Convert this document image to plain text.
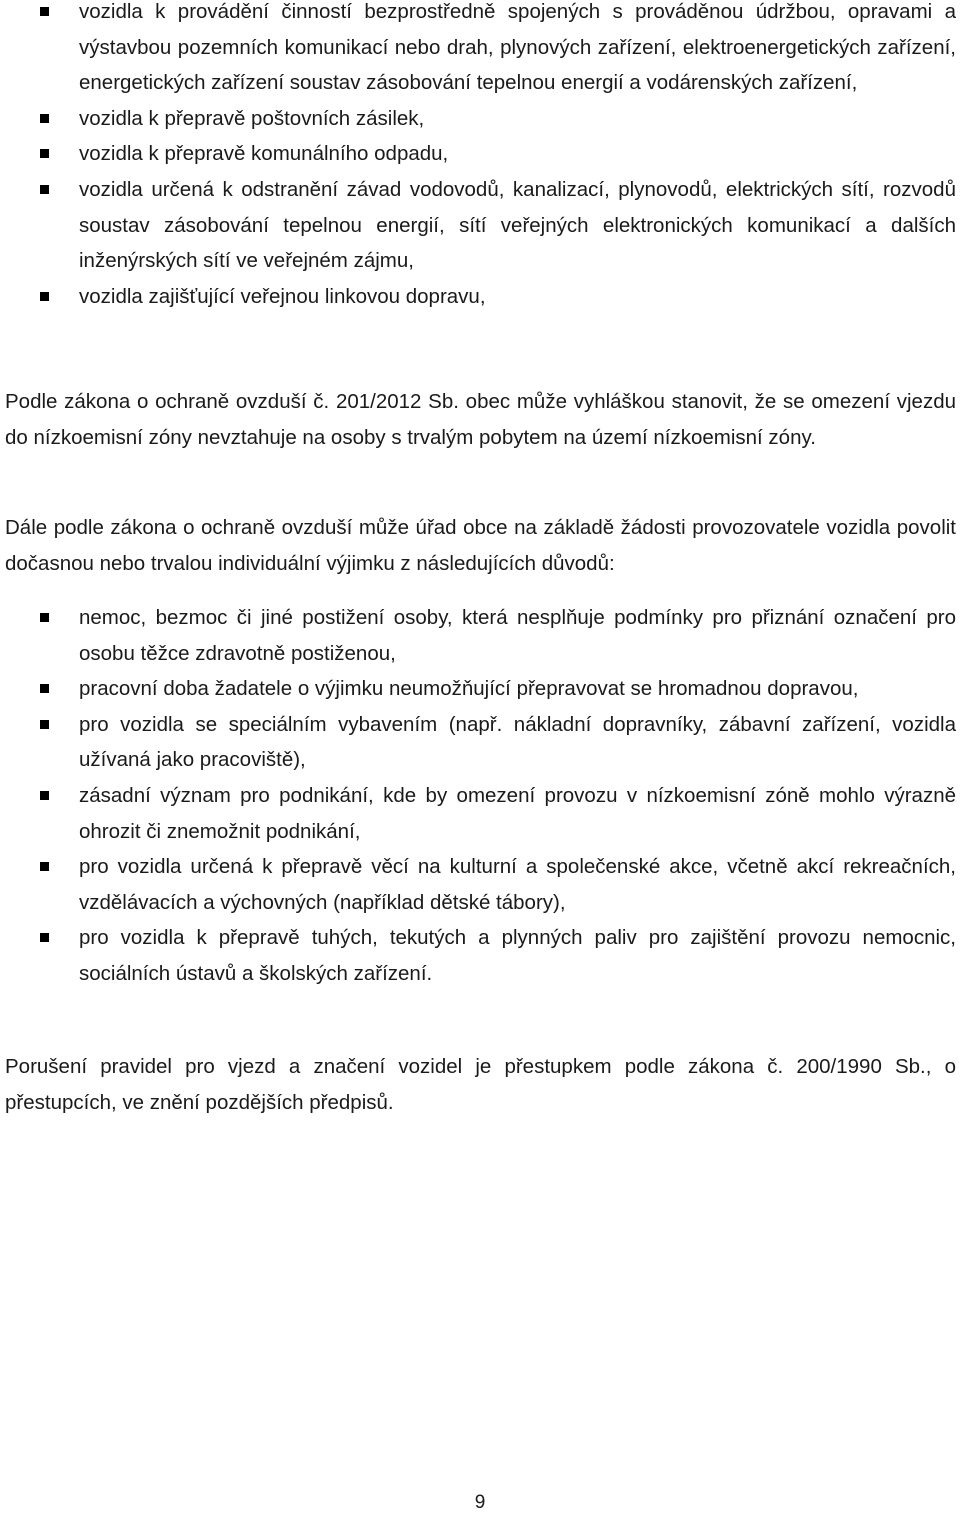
vozidla k provádění činností bezprostředně spojených s prováděnou údržbou, opravami a výstavbou pozemních komunikací nebo drah, plynových zařízení, elektroenergetických zařízení, energetických zařízení soustav zásobování tepelnou energií a vodárenských zařízení,
vozidla k přepravě poštovních zásilek,
vozidla k přepravě komunálního odpadu,
vozidla určená k odstranění závad vodovodů, kanalizací, plynovodů, elektrických sítí, rozvodů soustav zásobování tepelnou energií, sítí veřejných elektronických komunikací a dalších inženýrských sítí ve veřejném zájmu,
vozidla zajišťující veřejnou linkovou dopravu,

Podle zákona o ochraně ovzduší č. 201/2012 Sb. obec může vyhláškou stanovit, že se omezení vjezdu do nízkoemisní zóny nevztahuje na osoby s trvalým pobytem na území nízkoemisní zóny.

Dále podle zákona o ochraně ovzduší může úřad obce na základě žádosti provozovatele vozidla povolit dočasnou nebo trvalou individuální výjimku z následujících důvodů:

nemoc, bezmoc či jiné postižení osoby, která nesplňuje podmínky pro přiznání označení pro osobu těžce zdravotně postiženou,
pracovní doba žadatele o výjimku neumožňující přepravovat se hromadnou dopravou,
pro vozidla se speciálním vybavením (např. nákladní dopravníky, zábavní zařízení, vozidla užívaná jako pracoviště),
zásadní význam pro podnikání, kde by omezení provozu v nízkoemisní zóně mohlo výrazně ohrozit či znemožnit podnikání,
pro vozidla určená k přepravě věcí na kulturní a společenské akce, včetně akcí rekreačních, vzdělávacích a výchovných (například dětské tábory),
pro vozidla k přepravě tuhých, tekutých a plynných paliv pro zajištění provozu nemocnic, sociálních ústavů a školských zařízení.

Porušení pravidel pro vjezd a značení vozidel je přestupkem podle zákona č. 200/1990 Sb., o přestupcích, ve znění pozdějších předpisů.

9
